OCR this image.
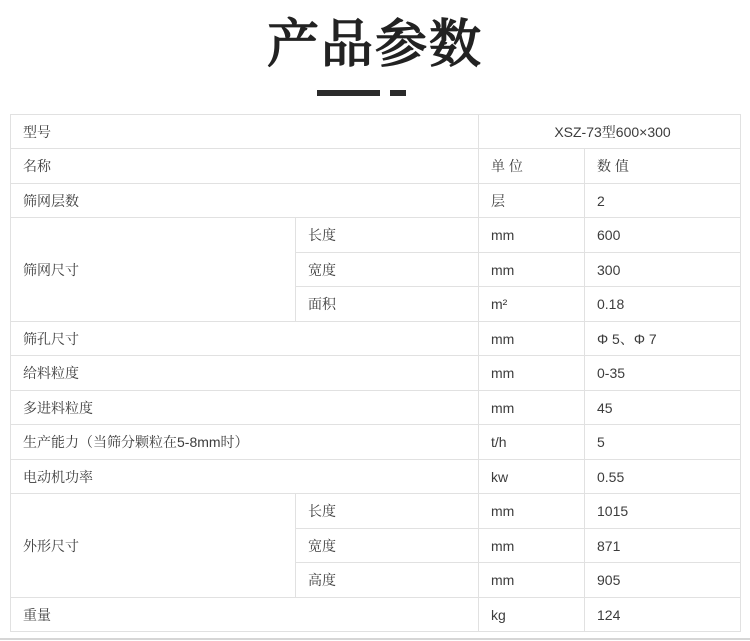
产品参数
型号		XSZ-73型600×300	
名称		单 位	数 值
筛网层数		层	2
筛网尺寸	长度	mm	600
	宽度	mm	300
	面积	m²	0.18
筛孔尺寸		mm	Φ 5、Φ 7
给料粒度		mm	0-35
多进料粒度		mm	45
生产能力（当筛分颗粒在5-8mm时）		t/h	5
电动机功率		kw	0.55
外形尺寸	长度	mm	1015
	宽度	mm	871
	高度	mm	905
重量		kg	124
